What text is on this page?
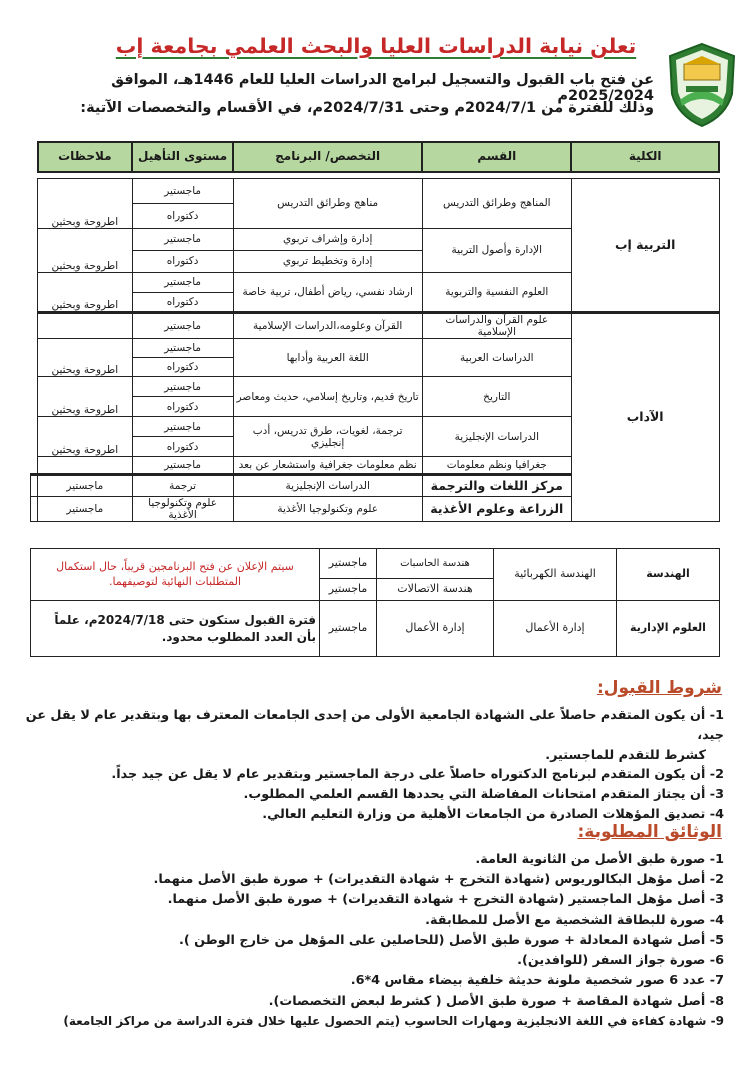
تعلن نيابة الدراسات العليا والبحث العلمي بجامعة إب
عن فتح باب القبول والتسجيل لبرامج الدراسات العليا للعام 1446هـ، الموافق 2025/2024م
وذلك للفترة من 2024/7/1م وحتى 2024/7/31م، في الأقسام والتخصصات الآتية:
الكلية	القسم	التخصص/ البرنامج	مستوى التأهيل	ملاحظات	

التربية إب	المناهج وطرائق التدريس	مناهج وطرائق التدريس	ماجستير	اطروحة وبحثين	
			دكتوراه		
	الإدارة وأصول التربية	إدارة وإشراف تربوي	ماجستير	اطروحة وبحثين	
		إدارة وتخطيط تربوي	دكتوراه		
	العلوم النفسية والتربوية	ارشاد نفسي، رياض أطفال، تربية خاصة	ماجستير	اطروحة وبحثين	
			دكتوراه		
الآداب	علوم القرآن والدراسات الإسلامية	القرآن وعلومه،الدراسات الإسلامية	ماجستير		
	الدراسات العربية	اللغة العربية وأدابها	ماجستير	اطروحة وبحثين	
			دكتوراه		
	التاريخ	تاريخ قديم، وتاريخ إسلامي، حديث ومعاصر	ماجستير	اطروحة وبحثين	
			دكتوراه		
	الدراسات الإنجليزية	ترجمة، لغويات، طرق تدريس، أدب إنجليزي	ماجستير	اطروحة وبحثين	
			دكتوراه		
	جغرافيا ونظم معلومات	نظم معلومات جغرافية واستشعار عن بعد	ماجستير		
	مركز اللغات والترجمة	الدراسات الإنجليزية	ترجمة	ماجستير	
	الزراعة وعلوم الأغذية	علوم وتكنولوجيا الأغذية	علوم وتكنولوجيا الأغذية	ماجستير	
الهندسة	الهندسة الكهربائية	هندسة الحاسبات	ماجستير	سيتم الإعلان عن فتح البرنامجين قريباً، حال استكمال المتطلبات النهائية لتوصيفهما.
		هندسة الاتصالات	ماجستير	
العلوم الإدارية	إدارة الأعمال	إدارة الأعمال	ماجستير	فترة القبول ستكون حتى 2024/7/18م، علماً بأن العدد المطلوب محدود.
شروط القبول:

1- أن يكون المتقدم حاصلاً على الشهادة الجامعية الأولى من إحدى الجامعات المعترف بها وبتقدير عام لا يقل عن جيد،

كشرط للتقدم للماجستير.

2- أن يكون المتقدم لبرنامج الدكتوراه حاصلاً على درجة الماجستير وبتقدير عام لا يقل عن جيد جداً.

3- أن يجتاز المتقدم امتحانات المفاضلة التي يحددها القسم العلمي المطلوب.

4- تصديق المؤهلات الصادرة من الجامعات الأهلية من وزارة التعليم العالي.

الوثائق المطلوبة:

1- صورة طبق الأصل من الثانوية العامة.

2- أصل مؤهل البكالوريوس (شهادة التخرج + شهادة التقديرات) + صورة طبق الأصل منهما.

3- أصل مؤهل الماجستير (شهادة التخرج + شهادة التقديرات) + صورة طبق الأصل منهما.

4- صورة للبطاقة الشخصية مع الأصل للمطابقة.

5- أصل شهادة المعادلة + صورة طبق الأصل (للحاصلين على المؤهل من خارج الوطن ).

6- صورة جواز السفر (للوافدين).

7- عدد 6 صور شخصية ملونة حديثة خلفية بيضاء مقاس 4*6.

8- أصل شهادة المقاصة + صورة طبق الأصل ( كشرط لبعض التخصصات).

9- شهادة كفاءة في اللغة الانجليزية ومهارات الحاسوب (يتم الحصول عليها خلال فترة الدراسة من مراكز الجامعة)
